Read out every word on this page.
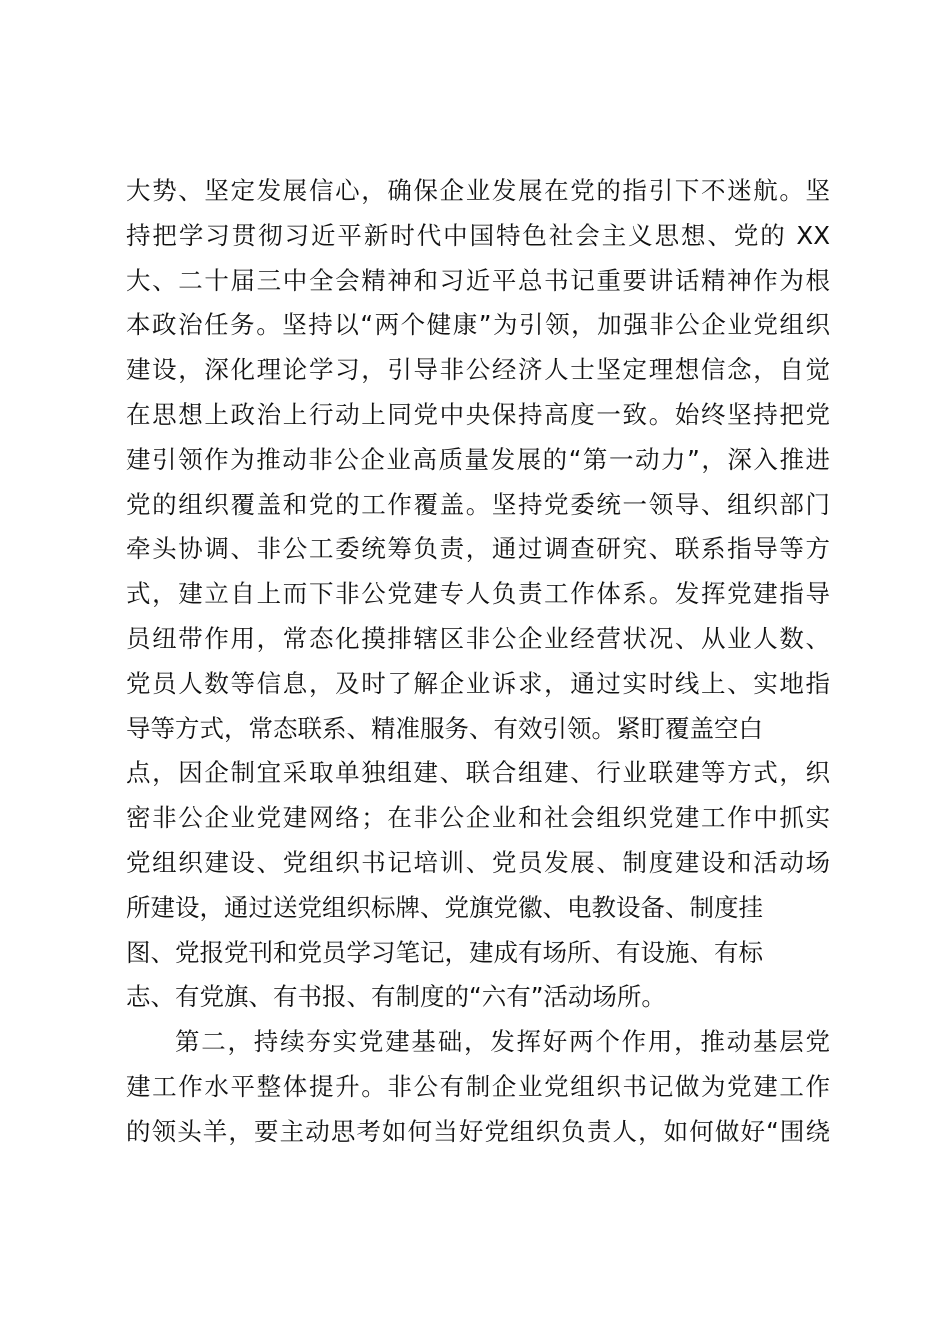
大势、坚定发展信心，确保企业发展在党的指引下不迷航。坚
持把学习贯彻习近平新时代中国特色社会主义思想、党的 XX
大、二十届三中全会精神和习近平总书记重要讲话精神作为根
本政治任务。坚持以“两个健康”为引领，加强非公企业党组织
建设，深化理论学习，引导非公经济人士坚定理想信念，自觉
在思想上政治上行动上同党中央保持高度一致。始终坚持把党
建引领作为推动非公企业高质量发展的“第一动力”，深入推进
党的组织覆盖和党的工作覆盖。坚持党委统一领导、组织部门
牵头协调、非公工委统筹负责，通过调查研究、联系指导等方
式，建立自上而下非公党建专人负责工作体系。发挥党建指导
员纽带作用，常态化摸排辖区非公企业经营状况、从业人数、
党员人数等信息，及时了解企业诉求，通过实时线上、实地指
导等方式，常态联系、精准服务、有效引领。紧盯覆盖空白
点，因企制宜采取单独组建、联合组建、行业联建等方式，织
密非公企业党建网络；在非公企业和社会组织党建工作中抓实
党组织建设、党组织书记培训、党员发展、制度建设和活动场
所建设，通过送党组织标牌、党旗党徽、电教设备、制度挂
图、党报党刊和党员学习笔记，建成有场所、有设施、有标
志、有党旗、有书报、有制度的“六有”活动场所。
第二，持续夯实党建基础，发挥好两个作用，推动基层党
建工作水平整体提升。非公有制企业党组织书记做为党建工作
的领头羊，要主动思考如何当好党组织负责人，如何做好“围绕
